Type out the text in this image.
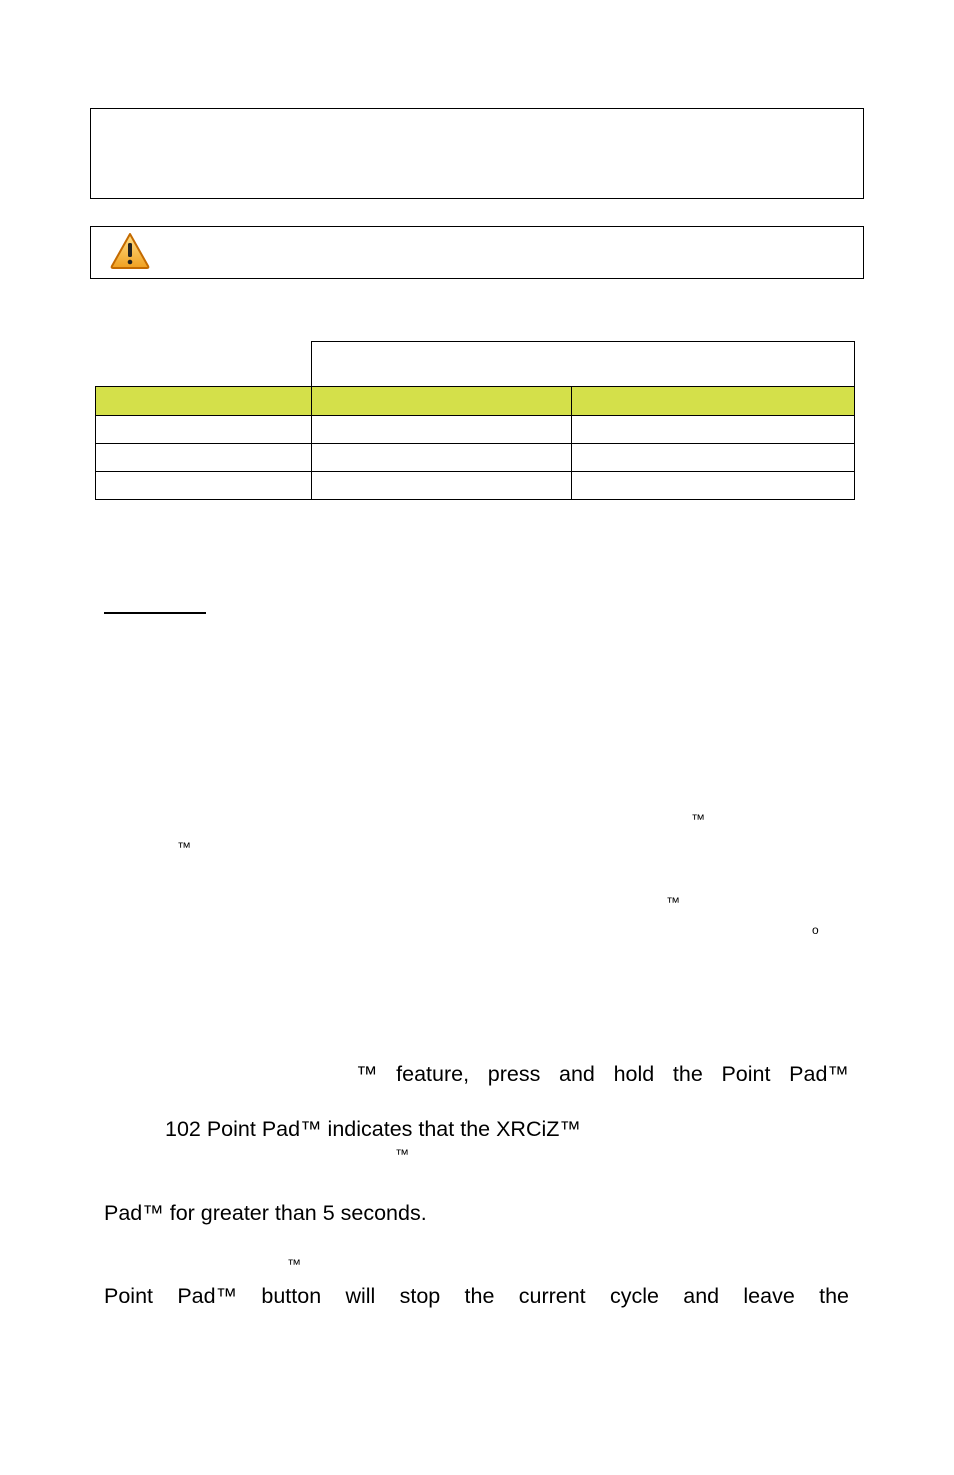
™
™
™
o
™ feature, press and hold the Point Pad™
102 Point Pad™ indicates that the XRCiZ™
™
Pad™ for greater than 5 seconds.
™
Point Pad™ button will stop the current cycle and leave the
